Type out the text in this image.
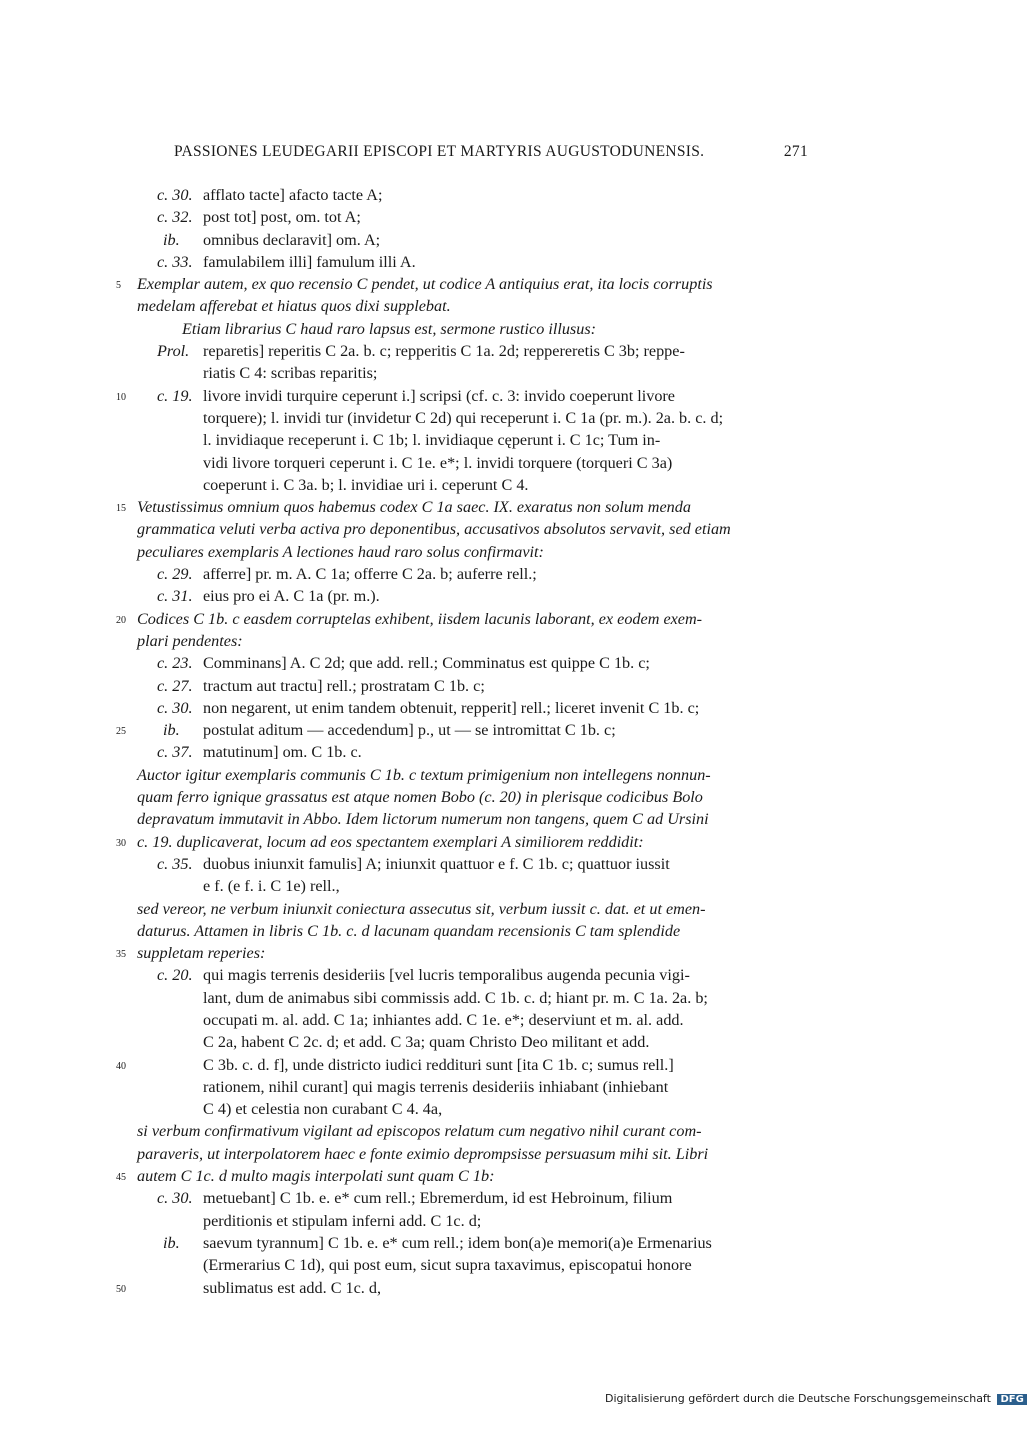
PASSIONES LEUDEGARII EPISCOPI ET MARTYRIS AUGUSTODUNENSIS.	271
c. 30. afflato tacte] afacto tacte A;
c. 32. post tot] post, om. tot A;
ib. omnibus declaravit] om. A;
c. 33. famulabilem illi] famulum illi A.
5 Exemplar autem, ex quo recensio C pendet, ut codice A antiquius erat, ita locis corruptis
medelam afferebat et hiatus quos dixi supplebat.
Etiam librarius C haud raro lapsus est, sermone rustico illusus:
Prol. reparetis] reperitis C 2a. b. c; repperitis C 1a. 2d; reppereretis C 3b; reppe-
riatis C 4: scribas reparitis;
10	c. 19. livore invidi turquire ceperunt i.] scripsi (cf. c. 3: invido coeperunt livore
torquere); l. invidi tur (invidetur C 2d) qui receperunt i. C 1a (pr. m.). 2a. b. c. d;
l. invidiaque receperunt i. C 1b; l. invidiaque cęperunt i. C 1c; Tum in-
vidi livore torqueri ceperunt i. C 1e. e*; l. invidi torquere (torqueri C 3a)
coeperunt i. C 3a. b; l. invidiae uri i. ceperunt C 4.
15 Vetustissimus omnium quos habemus codex C 1a saec. IX. exaratus non solum menda
grammatica veluti verba activa pro deponentibus, accusativos absolutos servavit, sed etiam
peculiares exemplaris A lectiones haud raro solus confirmavit:
c. 29. afferre] pr. m. A. C 1a; offerre C 2a. b; auferre rell.;
c. 31. eius pro ei A. C 1a (pr. m.).
20 Codices C 1b. c easdem corruptelas exhibent, iisdem lacunis laborant, ex eodem exem-
plari pendentes:
c. 23. Comminans] A. C 2d; que add. rell.; Comminatus est quippe C 1b. c;
c. 27. tractum aut tractu] rell.; prostratam C 1b. c;
c. 30. non negarent, ut enim tandem obtenuit, repperit] rell.; liceret invenit C 1b. c;
25	ib. postulat aditum — accedendum] p., ut — se intromittat C 1b. c;
c. 37. matutinum] om. C 1b. c.
Auctor igitur exemplaris communis C 1b. c textum primigenium non intellegens nonnun-
quam ferro ignique grassatus est atque nomen Bobo (c. 20) in plerisque codicibus Bolo
depravatum immutavit in Abbo. Idem lictorum numerum non tangens, quem C ad Ursini
30 c. 19. duplicaverat, locum ad eos spectantem exemplari A similiorem reddidit:
c. 35. duobus iniunxit famulis] A; iniunxit quattuor e f. C 1b. c; quattuor iussit
e f. (e f. i. C 1e) rell.,
sed vereor, ne verbum iniunxit coniectura assecutus sit, verbum iussit c. dat. et ut emen-
daturus. Attamen in libris C 1b. c. d lacunam quandam recensionis C tam splendide
35 suppletam reperies:
c. 20. qui magis terrenis desideriis [vel lucris temporalibus augenda pecunia vigi-
lant, dum de animabus sibi commissis add. C 1b. c. d; hiant pr. m. C 1a. 2a. b;
occupati m. al. add. C 1a; inhiantes add. C 1e. e*; deserviunt et m. al. add.
C 2a, habent C 2c. d; et add. C 3a; quam Christo Deo militant et add.
40	C 3b. c. d. f], unde districto iudici reddituri sunt [ita C 1b. c; sumus rell.]
rationem, nihil curant] qui magis terrenis desideriis inhiabant (inhiebant
C 4) et celestia non curabant C 4. 4a,
si verbum confirmativum vigilant ad episcopos relatum cum negativo nihil curant com-
paraveris, ut interpolatorem haec e fonte eximio deprompsisse persuasum mihi sit. Libri
45 autem C 1c. d multo magis interpolati sunt quam C 1b:
c. 30. metuebant] C 1b. e. e* cum rell.; Ebremerdum, id est Hebroinum, filium
perditionis et stipulam inferni add. C 1c. d;
ib. saevum tyrannum] C 1b. e. e* cum rell.; idem bon(a)e memori(a)e Ermenarius
(Ermerarius C 1d), qui post eum, sicut supra taxavimus, episcopatui honore
50	sublimatus est add. C 1c. d,
Digitalisierung gefördert durch die Deutsche Forschungsgemeinschaft DFG
